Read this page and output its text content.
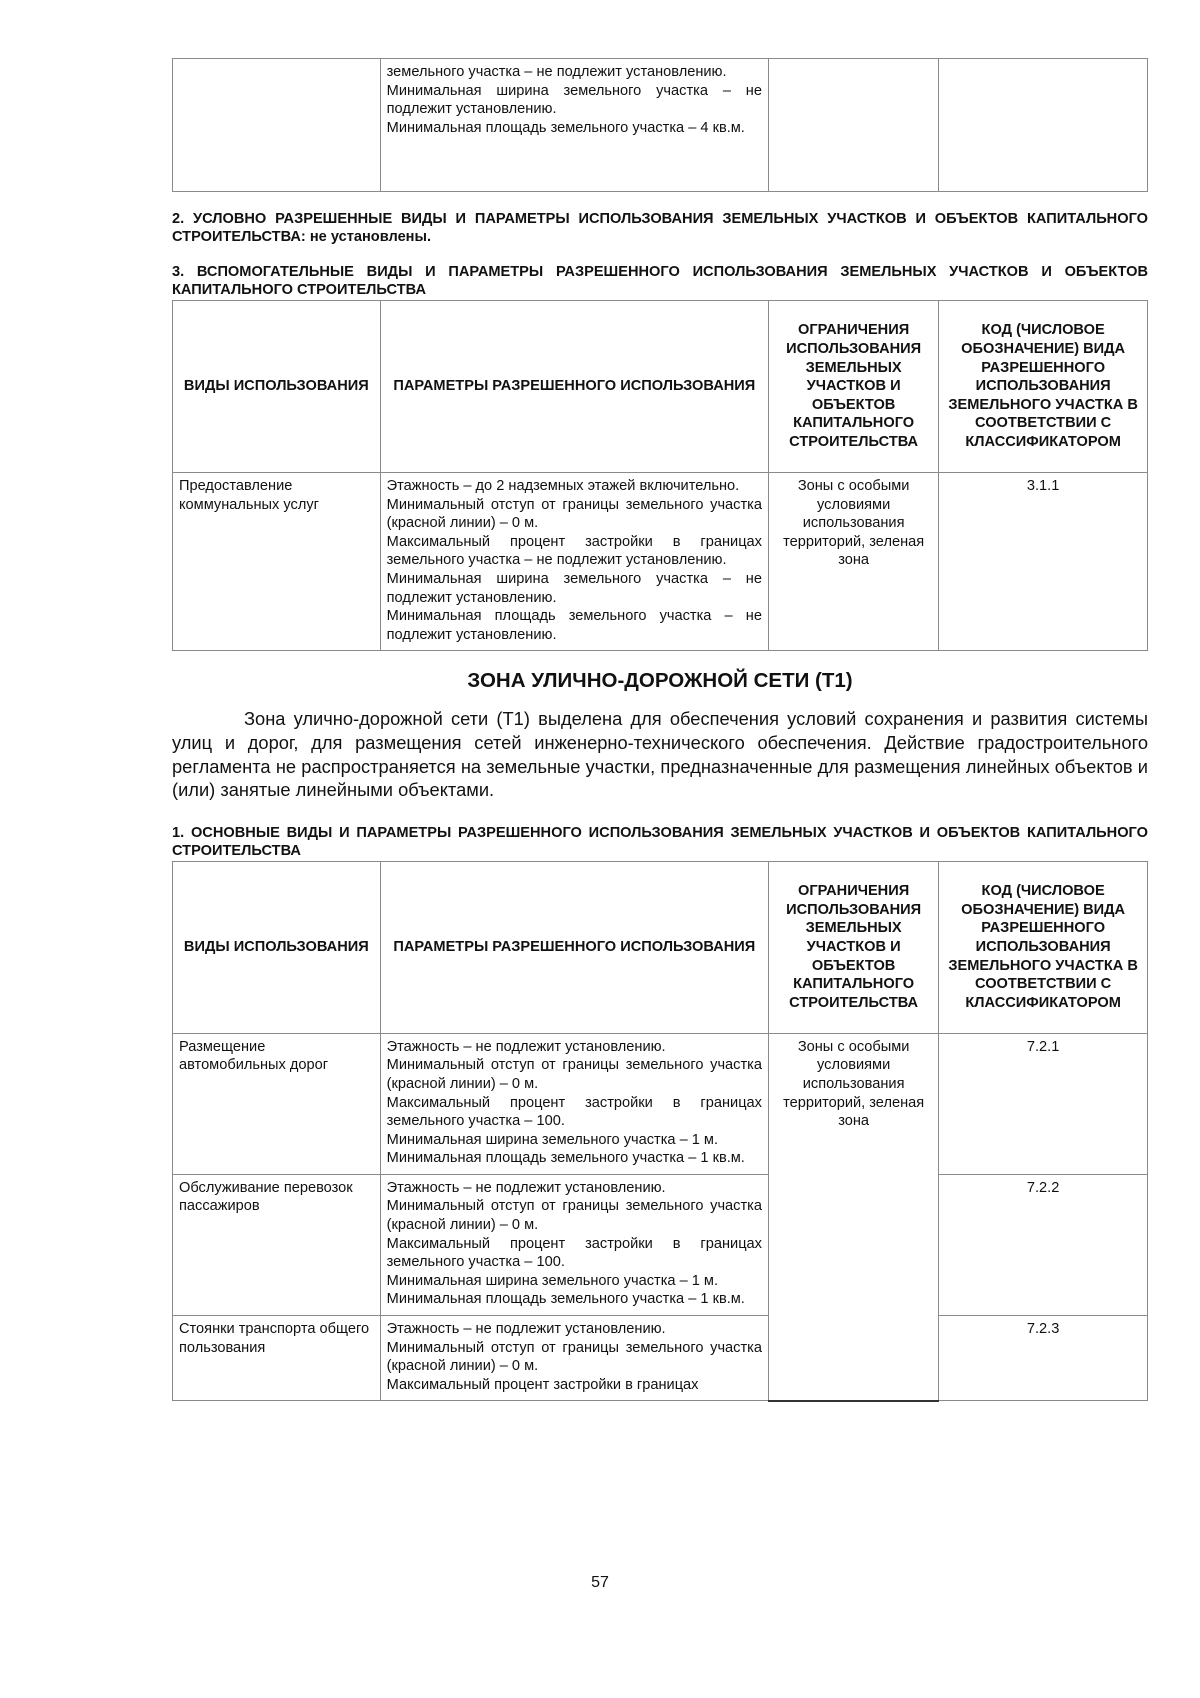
земельного участка – не подлежит установлению.
Минимальная ширина земельного участка – не подлежит установлению.
Минимальная площадь земельного участка – 4 кв.м.

2. УСЛОВНО РАЗРЕШЕННЫЕ ВИДЫ И ПАРАМЕТРЫ ИСПОЛЬЗОВАНИЯ ЗЕМЕЛЬНЫХ УЧАСТКОВ И ОБЪЕКТОВ КАПИТАЛЬНОГО СТРОИТЕЛЬСТВА: не установлены.

3. ВСПОМОГАТЕЛЬНЫЕ ВИДЫ И ПАРАМЕТРЫ РАЗРЕШЕННОГО ИСПОЛЬЗОВАНИЯ ЗЕМЕЛЬНЫХ УЧАСТКОВ И ОБЪЕКТОВ КАПИТАЛЬНОГО СТРОИТЕЛЬСТВА

ВИДЫ ИСПОЛЬЗОВАНИЯ	ПАРАМЕТРЫ РАЗРЕШЕННОГО ИСПОЛЬЗОВАНИЯ	ОГРАНИЧЕНИЯ ИСПОЛЬЗОВАНИЯ ЗЕМЕЛЬНЫХ УЧАСТКОВ И ОБЪЕКТОВ КАПИТАЛЬНОГО СТРОИТЕЛЬСТВА	КОД (ЧИСЛОВОЕ ОБОЗНАЧЕНИЕ) ВИДА РАЗРЕШЕННОГО ИСПОЛЬЗОВАНИЯ ЗЕМЕЛЬНОГО УЧАСТКА В СООТВЕТСТВИИ С КЛАССИФИКАТОРОМ
Предоставление коммунальных услуг	Этажность – до 2 надземных этажей включительно.
Минимальный отступ от границы земельного участка (красной линии) – 0 м.
Максимальный процент застройки в границах земельного участка – не подлежит установлению.
Минимальная ширина земельного участка – не подлежит установлению.
Минимальная площадь земельного участка – не подлежит установлению.	Зоны с особыми условиями использования территорий, зеленая зона	3.1.1
ЗОНА УЛИЧНО-ДОРОЖНОЙ СЕТИ (Т1)

Зона улично-дорожной сети (Т1) выделена для обеспечения условий сохранения и развития системы улиц и дорог, для размещения сетей инженерно-технического обеспечения. Действие градостроительного регламента не распространяется на земельные участки, предназначенные для размещения линейных объектов и (или) занятые линейными объектами.

1. ОСНОВНЫЕ ВИДЫ И ПАРАМЕТРЫ РАЗРЕШЕННОГО ИСПОЛЬЗОВАНИЯ ЗЕМЕЛЬНЫХ УЧАСТКОВ И ОБЪЕКТОВ КАПИТАЛЬНОГО СТРОИТЕЛЬСТВА

ВИДЫ ИСПОЛЬЗОВАНИЯ	ПАРАМЕТРЫ РАЗРЕШЕННОГО ИСПОЛЬЗОВАНИЯ	ОГРАНИЧЕНИЯ ИСПОЛЬЗОВАНИЯ ЗЕМЕЛЬНЫХ УЧАСТКОВ И ОБЪЕКТОВ КАПИТАЛЬНОГО СТРОИТЕЛЬСТВА	КОД (ЧИСЛОВОЕ ОБОЗНАЧЕНИЕ) ВИДА РАЗРЕШЕННОГО ИСПОЛЬЗОВАНИЯ ЗЕМЕЛЬНОГО УЧАСТКА В СООТВЕТСТВИИ С КЛАССИФИКАТОРОМ
Размещение автомобильных дорог	Этажность – не подлежит установлению.
Минимальный отступ от границы земельного участка (красной линии) – 0 м.
Максимальный процент застройки в границах земельного участка – 100.
Минимальная ширина земельного участка – 1 м.
Минимальная площадь земельного участка – 1 кв.м.	Зоны с особыми условиями использования территорий, зеленая зона	7.2.1
Обслуживание перевозок пассажиров	Этажность – не подлежит установлению.
Минимальный отступ от границы земельного участка (красной линии) – 0 м.
Максимальный процент застройки в границах земельного участка – 100.
Минимальная ширина земельного участка – 1 м.
Минимальная площадь земельного участка – 1 кв.м.		7.2.2
Стоянки транспорта общего пользования	Этажность – не подлежит установлению.
Минимальный отступ от границы земельного участка (красной линии) – 0 м.
Максимальный процент застройки в границах		7.2.3
57
